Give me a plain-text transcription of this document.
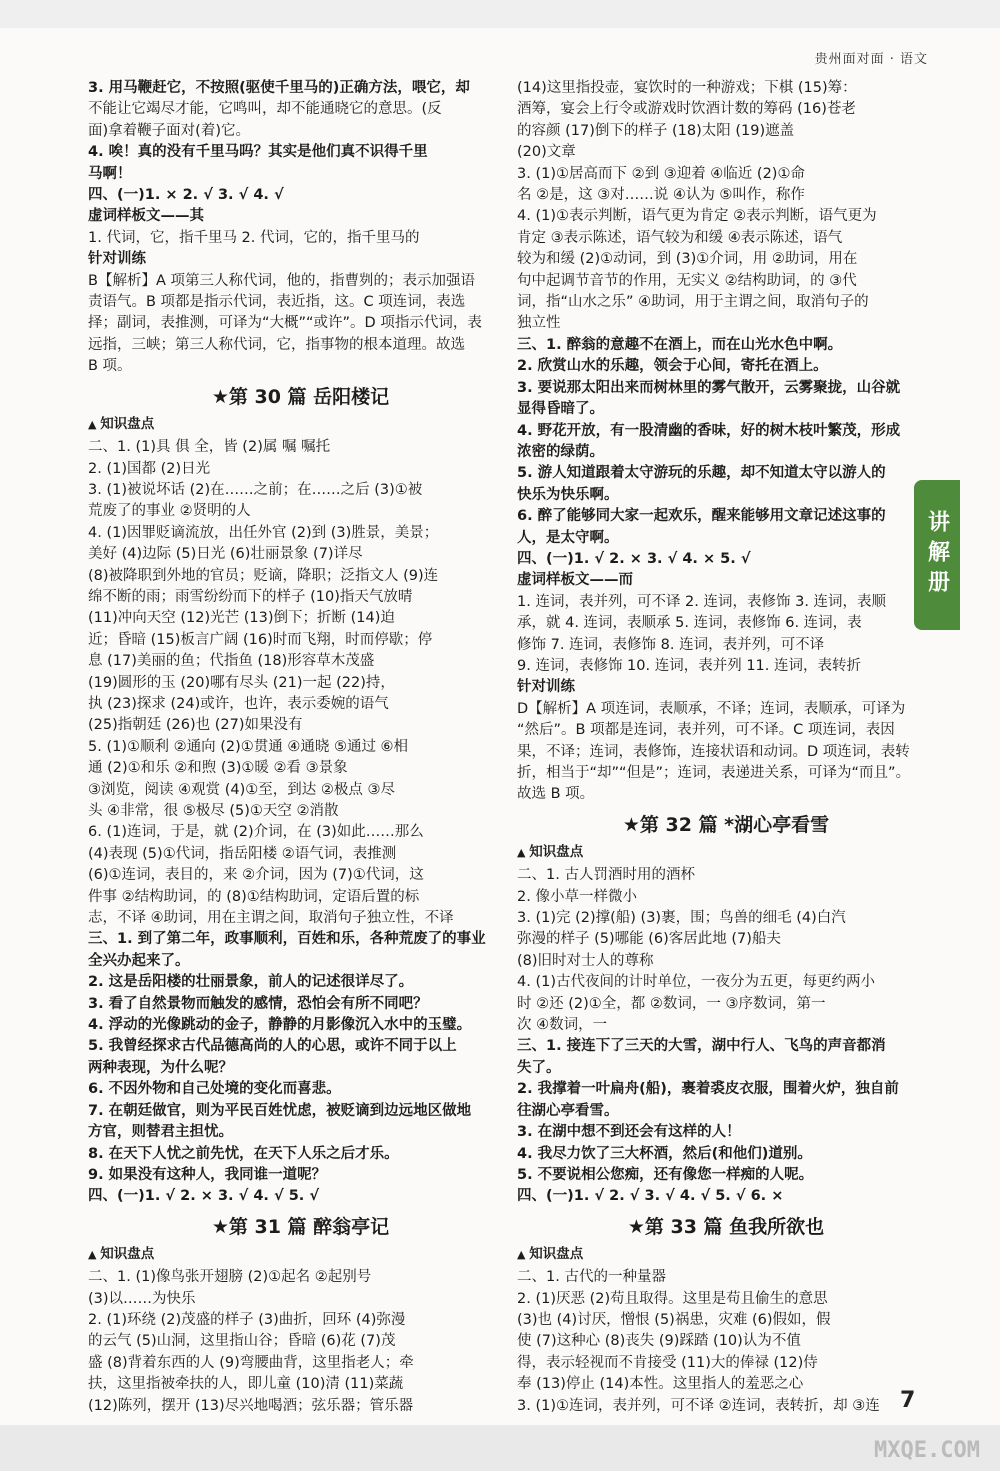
贵州面对面 · 语文

3. 用马鞭赶它，不按照(驱使千里马的)正确方法，喂它，却

不能让它竭尽才能，它鸣叫，却不能通晓它的意思。(反

面)拿着鞭子面对(着)它。

4. 唉！真的没有千里马吗？其实是他们真不识得千里

马啊！

四、(一)1. × 2. √ 3. √ 4. √

虚词样板文——其

1. 代词，它，指千里马 2. 代词，它的，指千里马的

针对训练

B【解析】A 项第三人称代词，他的，指曹刿的；表示加强语

责语气。B 项都是指示代词，表近指，这。C 项连词，表选

择；副词，表推测，可译为“大概”“或许”。D 项指示代词，表

远指，三峡；第三人称代词，它，指事物的根本道理。故选

B 项。

★第 30 篇 岳阳楼记
▲ 知识盘点

二、1. (1)具 俱 全，皆 (2)属 嘱 嘱托

2. (1)国都 (2)日光

3. (1)被说坏话 (2)在……之前；在……之后 (3)①被

荒废了的事业 ②贤明的人

4. (1)因罪贬谪流放，出任外官 (2)到 (3)胜景，美景；

美好 (4)边际 (5)日光 (6)壮丽景象 (7)详尽

(8)被降职到外地的官员；贬谪，降职；泛指文人 (9)连

绵不断的雨；雨雪纷纷而下的样子 (10)指天气放晴

(11)冲向天空 (12)光芒 (13)倒下；折断 (14)迫

近；昏暗 (15)板言广阔 (16)时而飞翔，时而停歇；停

息 (17)美丽的鱼；代指鱼 (18)形容草木茂盛

(19)圆形的玉 (20)哪有尽头 (21)一起 (22)持，

执 (23)探求 (24)或许，也许，表示委婉的语气

(25)指朝廷 (26)也 (27)如果没有

5. (1)①顺利 ②通向 (2)①贯通 ④通晓 ⑤通过 ⑥相

通 (2)①和乐 ②和煦 (3)①暖 ②看 ③景象

③浏览，阅读 ④观赏 (4)①至，到达 ②极点 ③尽

头 ④非常，很 ⑤极尽 (5)①天空 ②消散

6. (1)连词，于是，就 (2)介词，在 (3)如此……那么

(4)表现 (5)①代词，指岳阳楼 ②语气词，表推测

(6)①连词，表目的，来 ②介词，因为 (7)①代词，这

件事 ②结构助词，的 (8)①结构助词，定语后置的标

志，不译 ④助词，用在主谓之间，取消句子独立性，不译

三、1. 到了第二年，政事顺利，百姓和乐，各种荒废了的事业

全兴办起来了。

2. 这是岳阳楼的壮丽景象，前人的记述很详尽了。

3. 看了自然景物而触发的感情，恐怕会有所不同吧？

4. 浮动的光像跳动的金子，静静的月影像沉入水中的玉璧。

5. 我曾经探求古代品德高尚的人的心思，或许不同于以上

两种表现，为什么呢？

6. 不因外物和自己处境的变化而喜悲。

7. 在朝廷做官，则为平民百姓忧虑，被贬谪到边远地区做地

方官，则替君主担忧。

8. 在天下人忧之前先忧，在天下人乐之后才乐。

9. 如果没有这种人，我同谁一道呢？

四、(一)1. √ 2. × 3. √ 4. √ 5. √

★第 31 篇 醉翁亭记
▲ 知识盘点

二、1. (1)像鸟张开翅膀 (2)①起名 ②起别号

(3)以……为快乐

2. (1)环绕 (2)茂盛的样子 (3)曲折，回环 (4)弥漫

的云气 (5)山洞，这里指山谷；昏暗 (6)花 (7)茂

盛 (8)背着东西的人 (9)弯腰曲背，这里指老人；牵

扶，这里指被牵扶的人，即儿童 (10)清 (11)菜蔬

(12)陈列，摆开 (13)尽兴地喝酒；弦乐器；管乐器

(14)这里指投壶，宴饮时的一种游戏；下棋 (15)筹：

酒筹，宴会上行令或游戏时饮酒计数的筹码 (16)苍老

的容颜 (17)倒下的样子 (18)太阳 (19)遮盖

(20)文章

3. (1)①居高而下 ②到 ③迎着 ④临近 (2)①命

名 ②是，这 ③对……说 ④认为 ⑤叫作，称作

4. (1)①表示判断，语气更为肯定 ②表示判断，语气更为

肯定 ③表示陈述，语气较为和缓 ④表示陈述，语气

较为和缓 (2)①动词，到 (3)①介词，用 ②助词，用在

句中起调节音节的作用，无实义 ②结构助词，的 ③代

词，指“山水之乐” ④助词，用于主谓之间，取消句子的

独立性

三、1. 醉翁的意趣不在酒上，而在山光水色中啊。

2. 欣赏山水的乐趣，领会于心间，寄托在酒上。

3. 要说那太阳出来而树林里的雾气散开，云雾聚拢，山谷就

显得昏暗了。

4. 野花开放，有一股清幽的香味，好的树木枝叶繁茂，形成

浓密的绿荫。

5. 游人知道跟着太守游玩的乐趣，却不知道太守以游人的

快乐为快乐啊。

6. 醉了能够同大家一起欢乐，醒来能够用文章记述这事的

人，是太守啊。

四、(一)1. √ 2. × 3. √ 4. × 5. √

虚词样板文——而

1. 连词，表并列，可不译 2. 连词，表修饰 3. 连词，表顺

承，就 4. 连词，表顺承 5. 连词，表修饰 6. 连词，表

修饰 7. 连词，表修饰 8. 连词，表并列，可不译

9. 连词，表修饰 10. 连词，表并列 11. 连词，表转折

针对训练

D【解析】A 项连词，表顺承，不译；连词，表顺承，可译为

“然后”。B 项都是连词，表并列，可不译。C 项连词，表因

果，不译；连词，表修饰，连接状语和动词。D 项连词，表转

折，相当于“却”“但是”；连词，表递进关系，可译为“而且”。

故选 B 项。

★第 32 篇 *湖心亭看雪
▲ 知识盘点

二、1. 古人罚酒时用的酒杯

2. 像小草一样微小

3. (1)完 (2)撑(船) (3)裹，围；鸟兽的细毛 (4)白汽

弥漫的样子 (5)哪能 (6)客居此地 (7)船夫

(8)旧时对士人的尊称

4. (1)古代夜间的计时单位，一夜分为五更，每更约两小

时 ②还 (2)①全，都 ②数词，一 ③序数词，第一

次 ④数词，一

三、1. 接连下了三天的大雪，湖中行人、飞鸟的声音都消

失了。

2. 我撑着一叶扁舟(船)，裹着裘皮衣服，围着火炉，独自前

往湖心亭看雪。

3. 在湖中想不到还会有这样的人！

4. 我尽力饮了三大杯酒，然后(和他们)道别。

5. 不要说相公您痴，还有像您一样痴的人呢。

四、(一)1. √ 2. √ 3. √ 4. √ 5. √ 6. ×

★第 33 篇 鱼我所欲也
▲ 知识盘点

二、1. 古代的一种量器

2. (1)厌恶 (2)苟且取得。这里是苟且偷生的意思

(3)也 (4)讨厌，憎恨 (5)祸患，灾难 (6)假如，假

使 (7)这种心 (8)丧失 (9)踩踏 (10)认为不值

得，表示轻视而不肯接受 (11)大的俸禄 (12)侍

奉 (13)停止 (14)本性。这里指人的羞恶之心

3. (1)①连词，表并列，可不译 ②连词，表转折，却 ③连

讲解册
7
MXQE.COM
